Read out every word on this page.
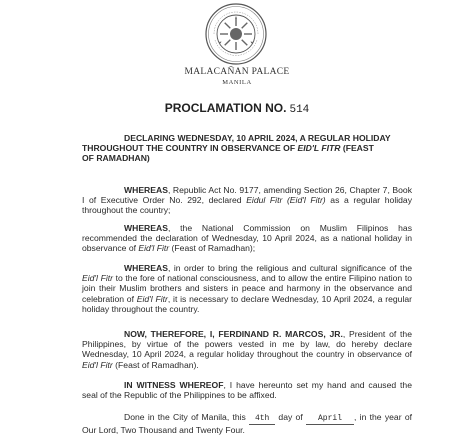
MALACAÑAN PALACE
MANILA
PROCLAMATION NO. 514

DECLARING WEDNESDAY, 10 APRIL 2024, A REGULAR HOLIDAY
THROUGHOUT THE COUNTRY IN OBSERVANCE OF EID'L FITR (FEAST
OF RAMADHAN)

WHEREAS, Republic Act No. 9177, amending Section 26, Chapter 7, Book I of Executive Order No. 292, declared Eidul Fitr (Eid'l Fitr) as a regular holiday throughout the country;

WHEREAS, the National Commission on Muslim Filipinos has recommended the declaration of Wednesday, 10 April 2024, as a national holiday in observance of Eid'l Fitr (Feast of Ramadhan);

WHEREAS, in order to bring the religious and cultural significance of the Eid'l Fitr to the fore of national consciousness, and to allow the entire Filipino nation to join their Muslim brothers and sisters in peace and harmony in the observance and celebration of Eid'l Fitr, it is necessary to declare Wednesday, 10 April 2024, a regular holiday throughout the country.

NOW, THEREFORE, I, FERDINAND R. MARCOS, JR., President of the Philippines, by virtue of the powers vested in me by law, do hereby declare Wednesday, 10 April 2024, a regular holiday throughout the country in observance of Eid'l Fitr (Feast of Ramadhan).

IN WITNESS WHEREOF, I have hereunto set my hand and caused the seal of the Republic of the Philippines to be affixed.

Done in the City of Manila, this 4th day of April , in the year of Our Lord, Two Thousand and Twenty Four.
